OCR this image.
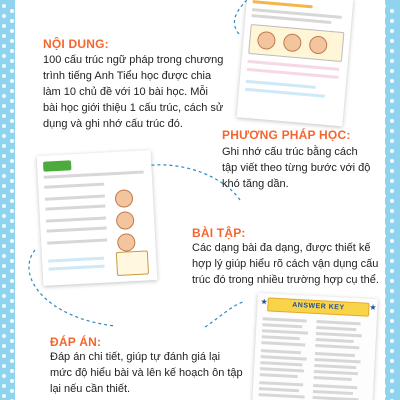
ANSWER KEY
★
★
NỘI DUNG:
100 cấu trúc ngữ pháp trong chương
trình tiếng Anh Tiểu học được chia
làm 10 chủ đề với 10 bài học. Mỗi
bài học giới thiệu 1 cấu trúc, cách sử
dụng và ghi nhớ cấu trúc đó.
PHƯƠNG PHÁP HỌC:
Ghi nhớ cấu trúc bằng cách
tập viết theo từng bước với độ
khó tăng dần.
BÀI TẬP:
Các dạng bài đa dạng, được thiết kế
hợp lý giúp hiểu rõ cách vận dụng cấu
trúc đó trong nhiều trường hợp cụ thể.
ĐÁP ÁN:
Đáp án chi tiết, giúp tự đánh giá lại
mức độ hiểu bài và lên kế hoạch ôn tập
lại nếu cần thiết.
